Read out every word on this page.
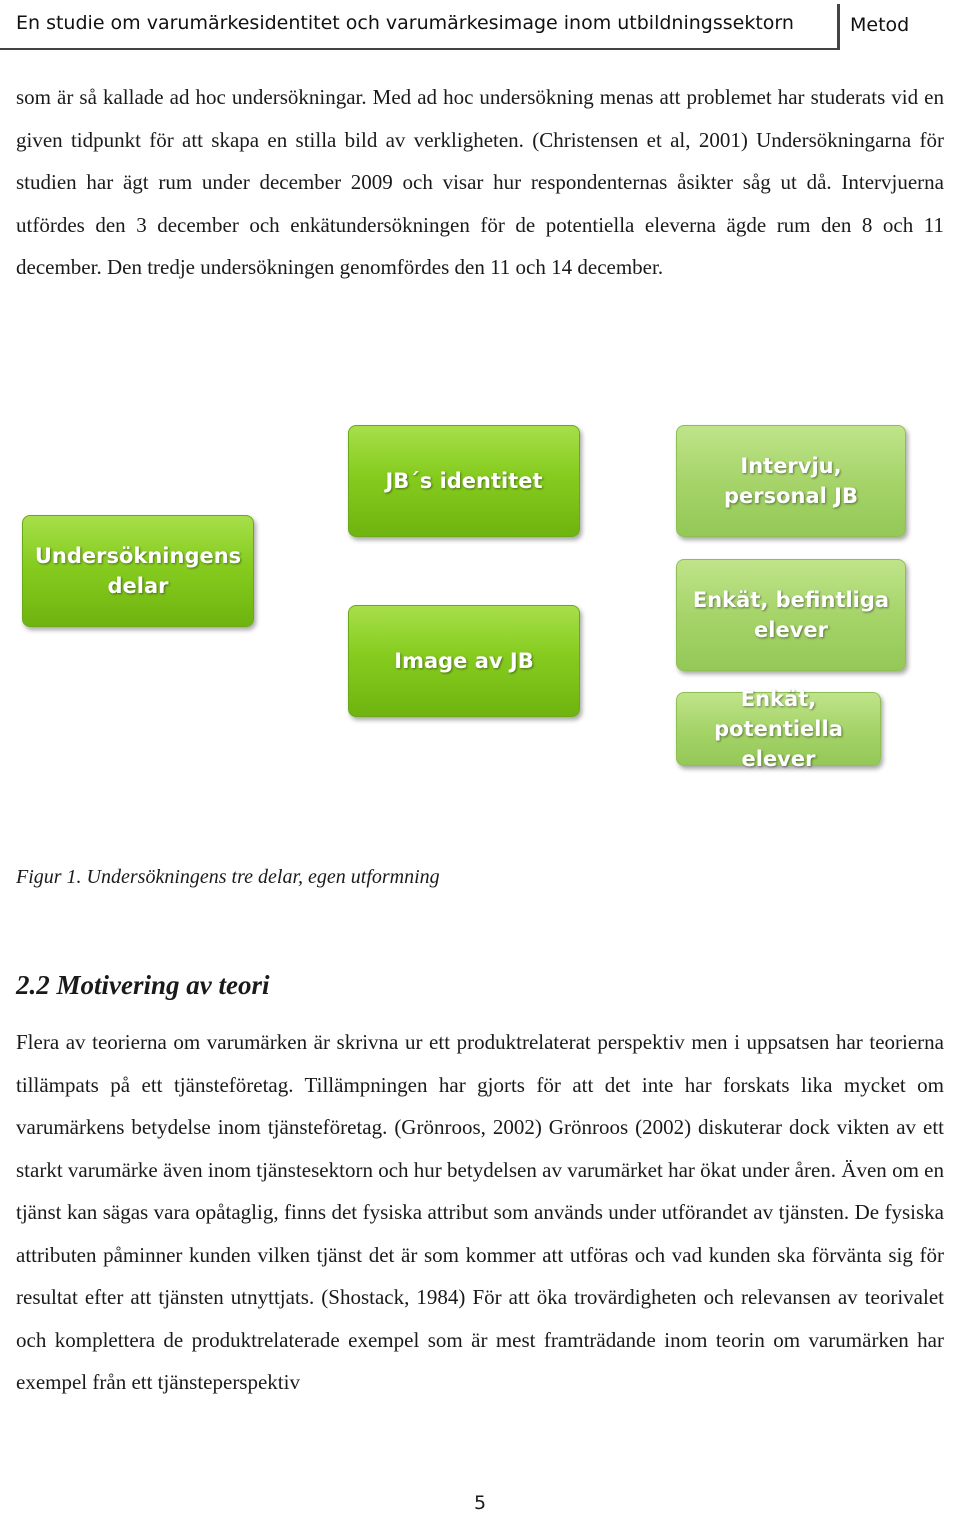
En studie om varumärkesidentitet och varumärkesimage inom utbildningssektorn	Metod

som är så kallade ad hoc undersökningar. Med ad hoc undersökning menas att problemet har studerats vid en given tidpunkt för att skapa en stilla bild av verkligheten. (Christensen et al, 2001) Undersökningarna för studien har ägt rum under december 2009 och visar hur respondenternas åsikter såg ut då. Intervjuerna utfördes den 3 december och enkätundersökningen för de potentiella eleverna ägde rum den 8 och 11 december. Den tredje undersökningen genomfördes den 11 och 14 december.

Undersökningens delar
JB´s identitet
Image av JB
Intervju, personal JB
Enkät, befintliga elever
Enkät, potentiella elever
Figur 1. Undersökningens tre delar, egen utformning
2.2 Motivering av teori

Flera av teorierna om varumärken är skrivna ur ett produktrelaterat perspektiv men i uppsatsen har teorierna tillämpats på ett tjänsteföretag. Tillämpningen har gjorts för att det inte har forskats lika mycket om varumärkens betydelse inom tjänsteföretag. (Grönroos, 2002) Grönroos (2002) diskuterar dock vikten av ett starkt varumärke även inom tjänstesektorn och hur betydelsen av varumärket har ökat under åren. Även om en tjänst kan sägas vara opåtaglig, finns det fysiska attribut som används under utförandet av tjänsten. De fysiska attributen påminner kunden vilken tjänst det är som kommer att utföras och vad kunden ska förvänta sig för resultat efter att tjänsten utnyttjats. (Shostack, 1984) För att öka trovärdigheten och relevansen av teorivalet och komplettera de produktrelaterade exempel som är mest framträdande inom teorin om varumärken har exempel från ett tjänsteperspektiv

5
